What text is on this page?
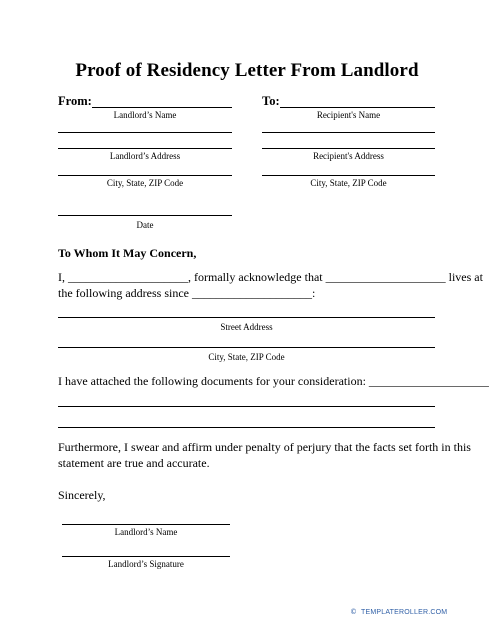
Proof of Residency Letter From Landlord
From:
Landlord’s Name
To:
Recipient's Name
Landlord’s Address
City, State, ZIP Code
Recipient's Address
City, State, ZIP Code
Date
To Whom It May Concern,
I, ____________________, formally acknowledge that ____________________ lives at
the following address since ____________________:
Street Address
City, State, ZIP Code
I have attached the following documents for your consideration: ____________________
Furthermore, I swear and affirm under penalty of perjury that the facts set forth in this
statement are true and accurate.
Sincerely,
Landlord’s Name
Landlord’s Signature
© TEMPLATEROLLER.COM
